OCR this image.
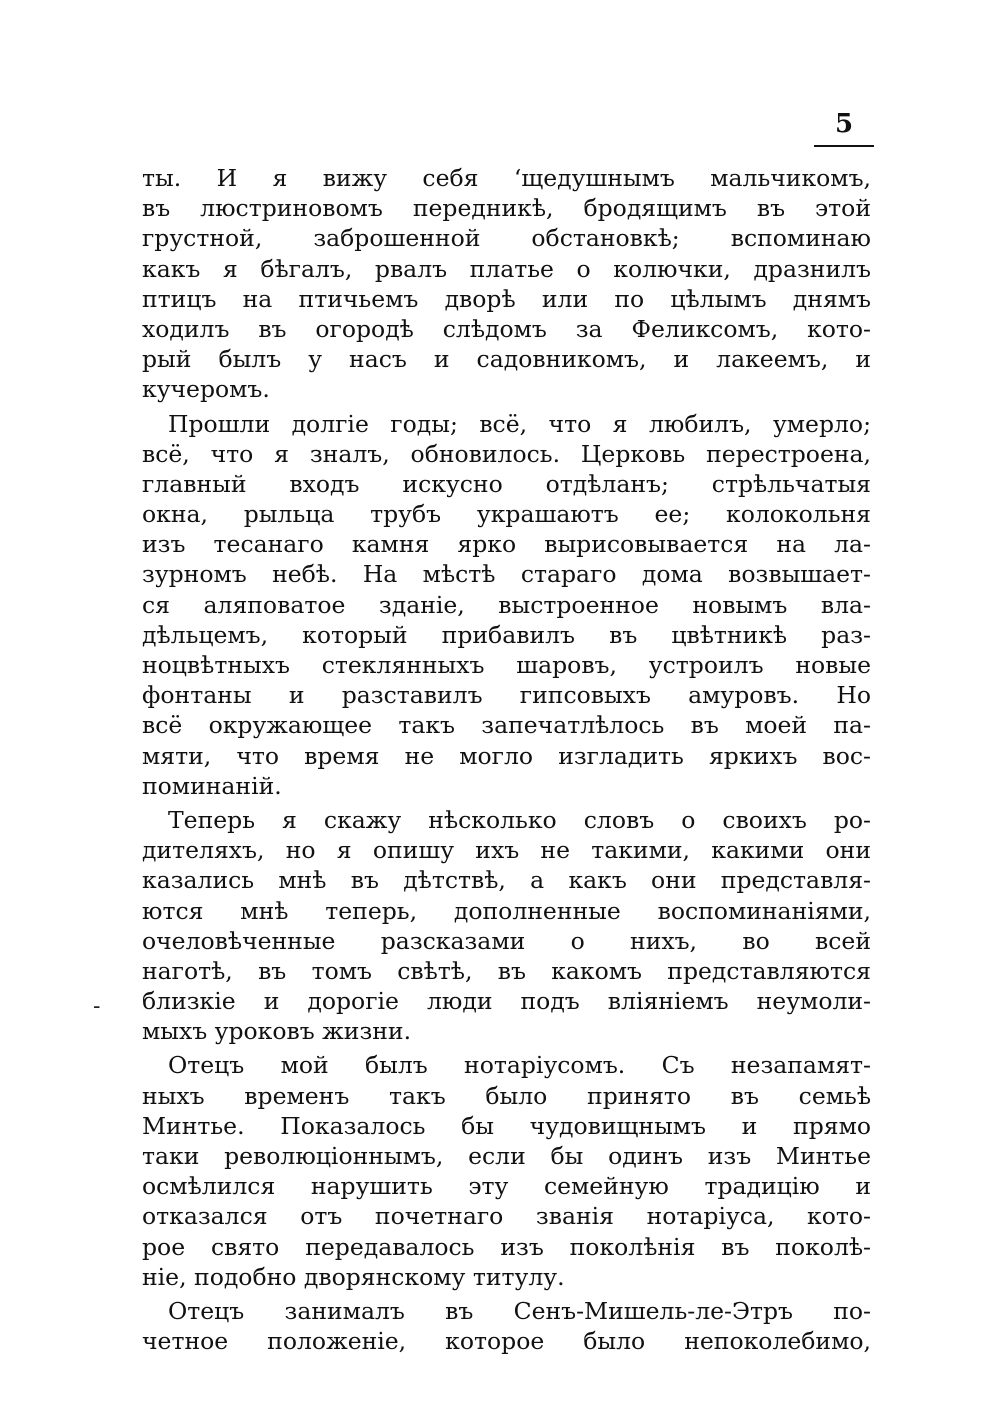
5
-
ты. И я вижу себя ʻщедушнымъ мальчикомъ,
въ люстриновомъ передникѣ, бродящимъ въ этой
грустной, заброшенной обстановкѣ; вспоминаю
какъ я бѣгалъ, рвалъ платье о колючки, дразнилъ
птицъ на птичьемъ дворѣ или по цѣлымъ днямъ
ходилъ въ огородѣ слѣдомъ за Феликсомъ, кото-
рый былъ у насъ и садовникомъ, и лакеемъ, и
кучеромъ.
Прошли долгіе годы; всё, что я любилъ, умерло;
всё, что я зналъ, обновилось. Церковь перестроена,
главный входъ искусно отдѣланъ; стрѣльчатыя
окна, рыльца трубъ украшаютъ ее; колокольня
изъ тесанаго камня ярко вырисовывается на ла-
зурномъ небѣ. На мѣстѣ стараго дома возвышает-
ся аляповатое зданіе, выстроенное новымъ вла-
дѣльцемъ, который прибавилъ въ цвѣтникѣ раз-
ноцвѣтныхъ стеклянныхъ шаровъ, устроилъ новые
фонтаны и разставилъ гипсовыхъ амуровъ. Но
всё окружающее такъ запечатлѣлось въ моей па-
мяти, что время не могло изгладить яркихъ вос-
поминаній.
Теперь я скажу нѣсколько словъ о своихъ ро-
дителяхъ, но я опишу ихъ не такими, какими они
казались мнѣ въ дѣтствѣ, а какъ они представля-
ются мнѣ теперь, дополненные воспоминаніями,
очеловѣченные разсказами о нихъ, во всей
наготѣ, въ томъ свѣтѣ, въ какомъ представляются
близкіе и дорогіе люди подъ вліяніемъ неумоли-
мыхъ уроковъ жизни.
Отецъ мой былъ нотаріусомъ. Съ незапамят-
ныхъ временъ такъ было принято въ семьѣ
Минтье. Показалось бы чудовищнымъ и прямо
таки революціоннымъ, если бы одинъ изъ Минтье
осмѣлился нарушить эту семейную традицію и
отказался отъ почетнаго званія нотаріуса, кото-
рое свято передавалось изъ поколѣнія въ поколѣ-
ніе, подобно дворянскому титулу.
Отецъ занималъ въ Сенъ-Мишель-ле-Этръ по-
четное положеніе, которое было непоколебимо,
